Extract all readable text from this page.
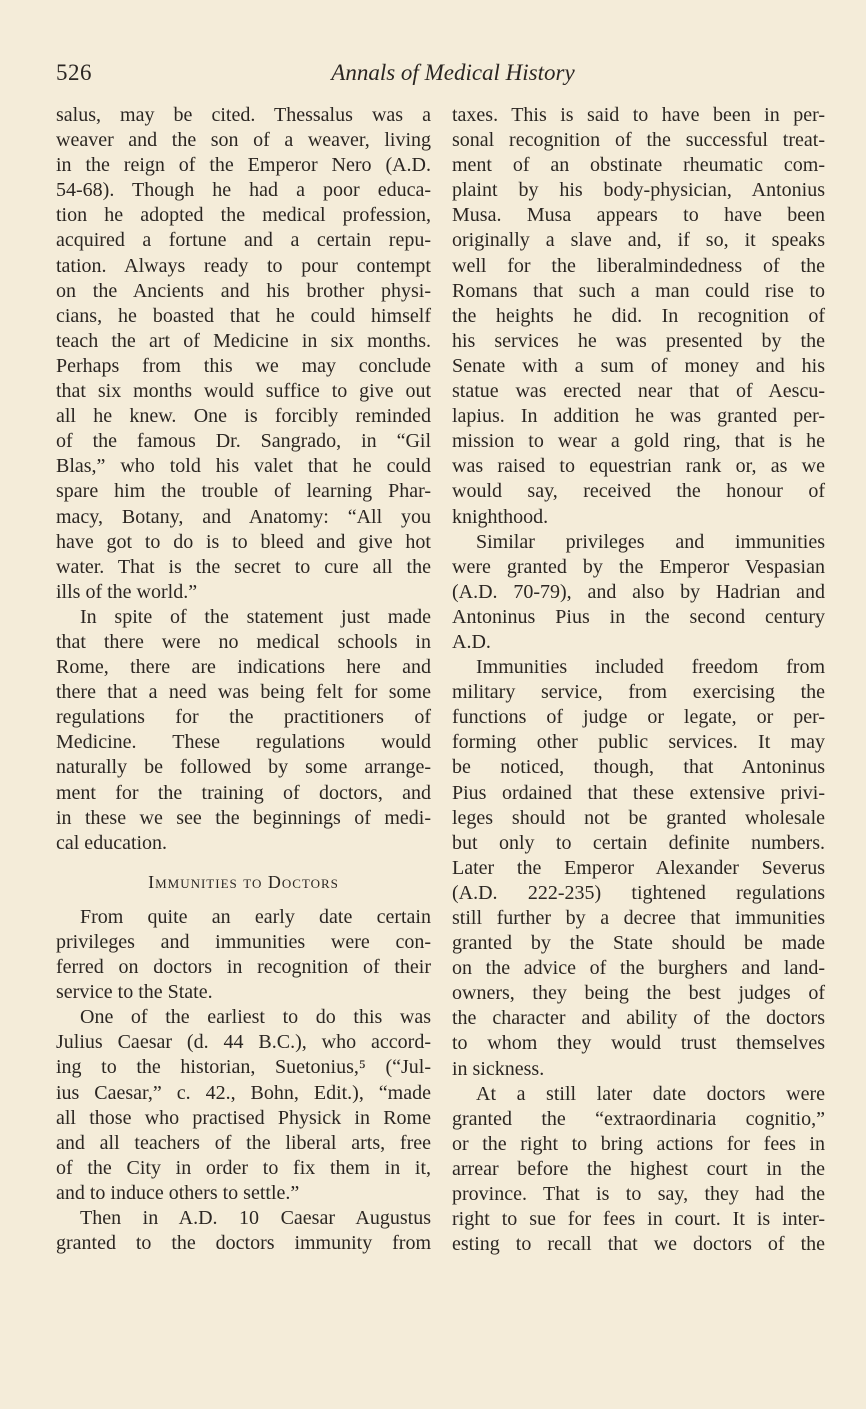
526	Annals of Medical History
salus, may be cited. Thessalus was a
weaver and the son of a weaver, living
in the reign of the Emperor Nero (A.D.
54-68). Though he had a poor educa-
tion he adopted the medical profession,
acquired a fortune and a certain repu-
tation. Always ready to pour contempt
on the Ancients and his brother physi-
cians, he boasted that he could himself
teach the art of Medicine in six months.
Perhaps from this we may conclude
that six months would suffice to give out
all he knew. One is forcibly reminded
of the famous Dr. Sangrado, in “Gil
Blas,” who told his valet that he could
spare him the trouble of learning Phar-
macy, Botany, and Anatomy: “All you
have got to do is to bleed and give hot
water. That is the secret to cure all the
ills of the world.”
In spite of the statement just made
that there were no medical schools in
Rome, there are indications here and
there that a need was being felt for some
regulations for the practitioners of
Medicine. These regulations would
naturally be followed by some arrange-
ment for the training of doctors, and
in these we see the beginnings of medi-
cal education.
Immunities to Doctors
From quite an early date certain
privileges and immunities were con-
ferred on doctors in recognition of their
service to the State.
One of the earliest to do this was
Julius Caesar (d. 44 B.C.), who accord-
ing to the historian, Suetonius,⁵ (“Jul-
ius Caesar,” c. 42., Bohn, Edit.), “made
all those who practised Physick in Rome
and all teachers of the liberal arts, free
of the City in order to fix them in it,
and to induce others to settle.”
Then in A.D. 10 Caesar Augustus
granted to the doctors immunity from
taxes. This is said to have been in per-
sonal recognition of the successful treat-
ment of an obstinate rheumatic com-
plaint by his body-physician, Antonius
Musa. Musa appears to have been
originally a slave and, if so, it speaks
well for the liberalmindedness of the
Romans that such a man could rise to
the heights he did. In recognition of
his services he was presented by the
Senate with a sum of money and his
statue was erected near that of Aescu-
lapius. In addition he was granted per-
mission to wear a gold ring, that is he
was raised to equestrian rank or, as we
would say, received the honour of
knighthood.
Similar privileges and immunities
were granted by the Emperor Vespasian
(A.D. 70-79), and also by Hadrian and
Antoninus Pius in the second century
A.D.
Immunities included freedom from
military service, from exercising the
functions of judge or legate, or per-
forming other public services. It may
be noticed, though, that Antoninus
Pius ordained that these extensive privi-
leges should not be granted wholesale
but only to certain definite numbers.
Later the Emperor Alexander Severus
(A.D. 222-235) tightened regulations
still further by a decree that immunities
granted by the State should be made
on the advice of the burghers and land-
owners, they being the best judges of
the character and ability of the doctors
to whom they would trust themselves
in sickness.
At a still later date doctors were
granted the “extraordinaria cognitio,”
or the right to bring actions for fees in
arrear before the highest court in the
province. That is to say, they had the
right to sue for fees in court. It is inter-
esting to recall that we doctors of the
